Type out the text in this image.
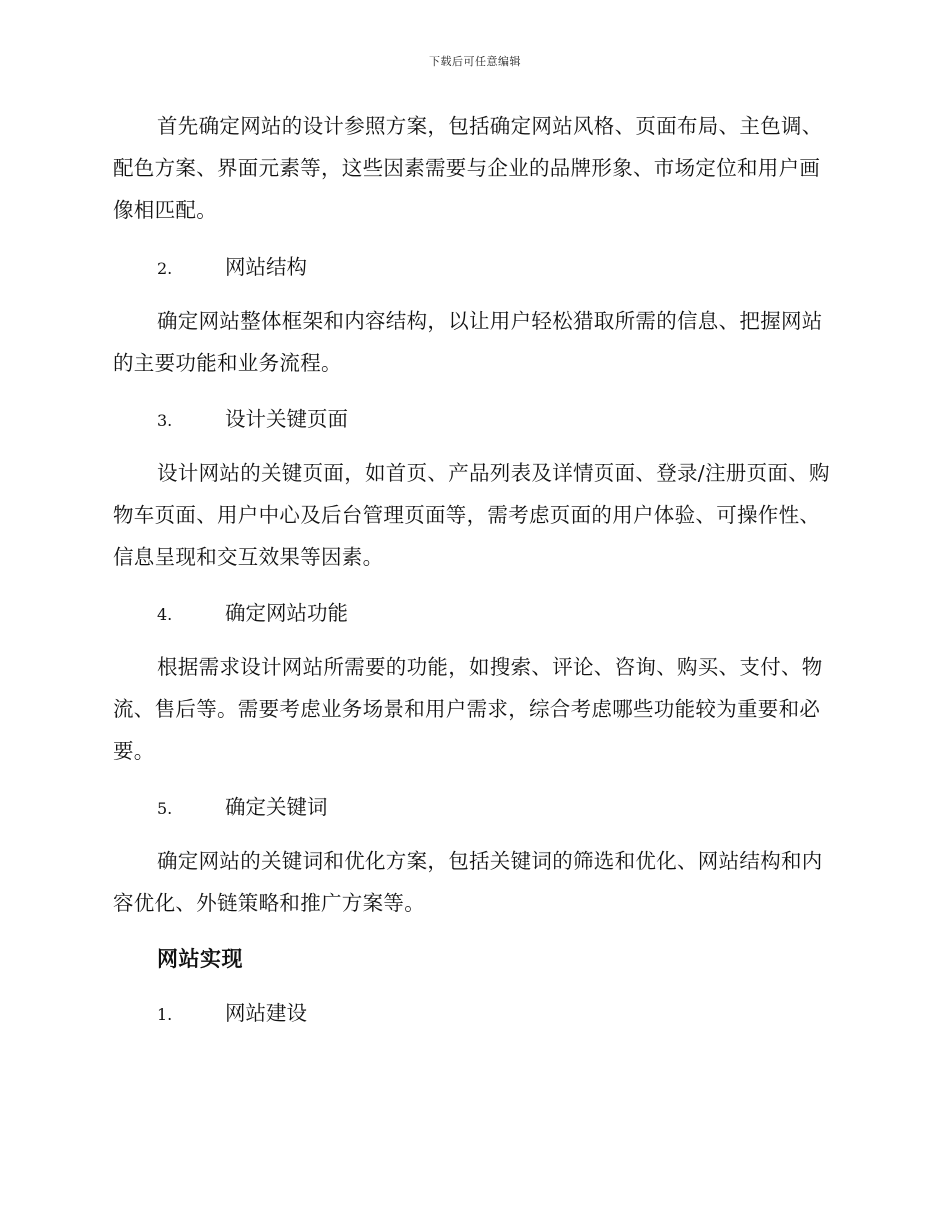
下载后可任意编辑

首先确定网站的设计参照方案，包括确定网站风格、页面布局、主色调、配色方案、界面元素等，这些因素需要与企业的品牌形象、市场定位和用户画像相匹配。

2.	网站结构

确定网站整体框架和内容结构，以让用户轻松猎取所需的信息、把握网站的主要功能和业务流程。

3.	设计关键页面

设计网站的关键页面，如首页、产品列表及详情页面、登录/注册页面、购物车页面、用户中心及后台管理页面等，需考虑页面的用户体验、可操作性、信息呈现和交互效果等因素。

4.	确定网站功能

根据需求设计网站所需要的功能，如搜索、评论、咨询、购买、支付、物流、售后等。需要考虑业务场景和用户需求，综合考虑哪些功能较为重要和必要。

5.	确定关键词

确定网站的关键词和优化方案，包括关键词的筛选和优化、网站结构和内容优化、外链策略和推广方案等。

网站实现
1.	网站建设
